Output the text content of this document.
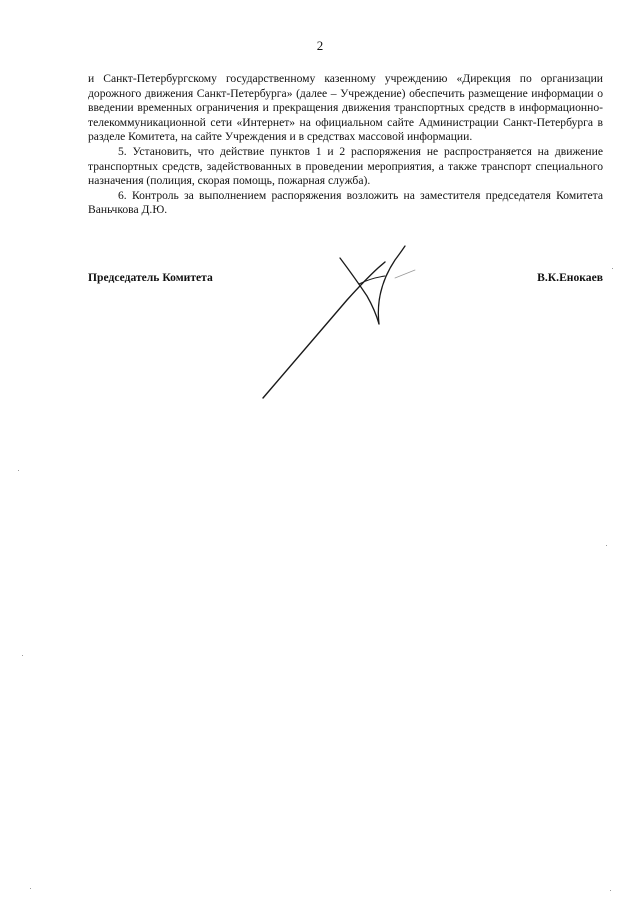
2

и Санкт-Петербургскому государственному казенному учреждению «Дирекция по организации дорожного движения Санкт-Петербурга» (далее – Учреждение) обеспечить размещение информации о введении временных ограничения и прекращения движения транспортных средств в информационно-телекоммуникационной сети «Интернет» на официальном сайте Администрации Санкт-Петербурга в разделе Комитета, на сайте Учреждения и в средствах массовой информации.

5. Установить, что действие пунктов 1 и 2 распоряжения не распространяется на движение транспортных средств, задействованных в проведении мероприятия, а также транспорт специального назначения (полиция, скорая помощь, пожарная служба).

6. Контроль за выполнением распоряжения возложить на заместителя председателя Комитета Ваньчкова Д.Ю.

Председатель Комитета	В.К.Енокаев
